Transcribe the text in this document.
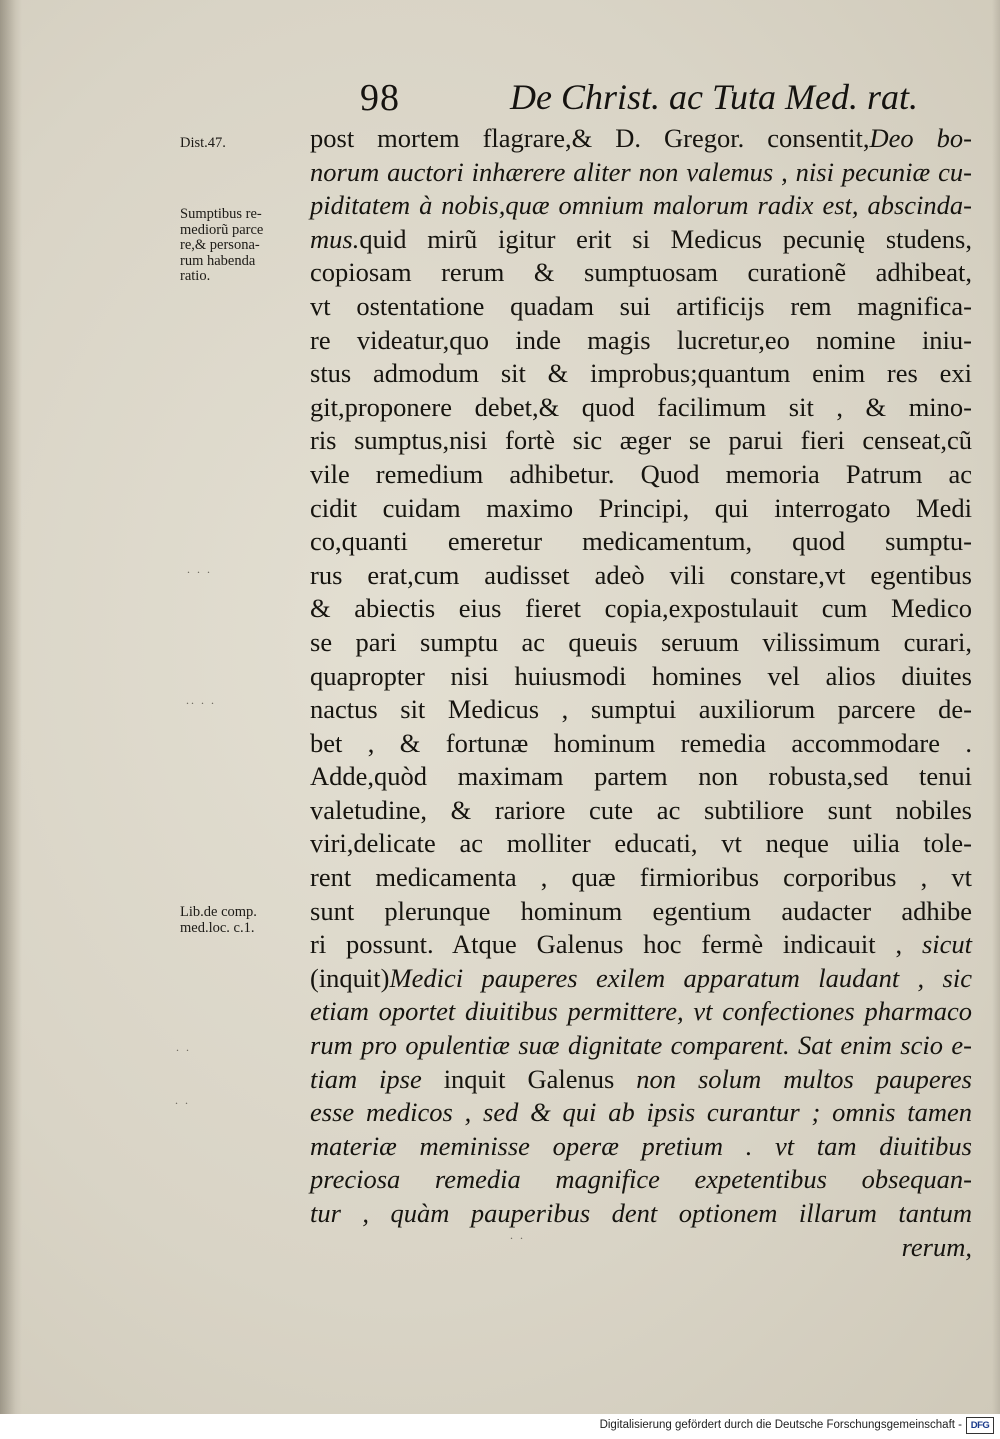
98	De Christ. ac Tuta Med. rat.
Dist.47.
Sumptibus re-
mediorũ parce
re,& persona-
rum habenda
ratio.
Lib.de comp.
med.loc. c.1.
. . .
.. . .
. .
. .
. .
post mortem flagrare,& D. Gregor. consentit,Deo bo-
norum auctori inhærere aliter non valemus , nisi pecuniæ cu-
piditatem à nobis,quæ omnium malorum radix est, abscinda-
mus.quid mirũ igitur erit si Medicus pecunię studens,
copiosam rerum & sumptuosam curationẽ adhibeat,
vt ostentatione quadam sui artificijs rem magnifica-
re videatur,quo inde magis lucretur,eo nomine iniu-
stus admodum sit & improbus;quantum enim res exi
git,proponere debet,& quod facilimum sit , & mino-
ris sumptus,nisi fortè sic æger se parui fieri censeat,cũ
vile remedium adhibetur. Quod memoria Patrum ac
cidit cuidam maximo Principi, qui interrogato Medi
co,quanti emeretur medicamentum, quod sumptu-
rus erat,cum audisset adeò vili constare,vt egentibus
& abiectis eius fieret copia,expostulauit cum Medico
se pari sumptu ac queuis seruum vilissimum curari,
quapropter nisi huiusmodi homines vel alios diuites
nactus sit Medicus , sumptui auxiliorum parcere de-
bet , & fortunæ hominum remedia accommodare .
Adde,quòd maximam partem non robusta,sed tenui
valetudine, & rariore cute ac subtiliore sunt nobiles
viri,delicate ac molliter educati, vt neque uilia tole-
rent medicamenta , quæ firmioribus corporibus , vt
sunt plerunque hominum egentium audacter adhibe
ri possunt. Atque Galenus hoc fermè indicauit , sicut
(inquit)Medici pauperes exilem apparatum laudant , sic
etiam oportet diuitibus permittere, vt confectiones pharmaco
rum pro opulentiæ suæ dignitate comparent. Sat enim scio e-
tiam ipse inquit Galenus non solum multos pauperes
esse medicos , sed & qui ab ipsis curantur ; omnis tamen
materiæ meminisse operæ pretium . vt tam diuitibus
preciosa remedia magnifice expetentibus obsequan-
tur , quàm pauperibus dent optionem illarum tantum
rerum,
Digitalisierung gefördert durch die Deutsche Forschungsgemeinschaft - DFG
